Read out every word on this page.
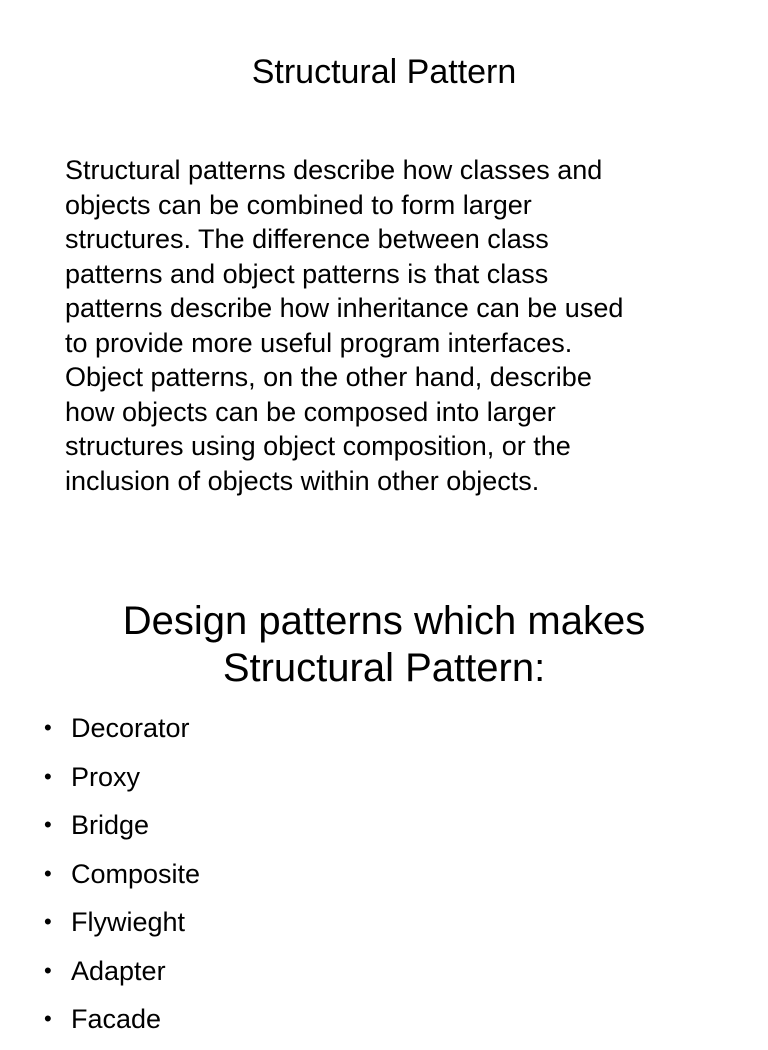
Structural Pattern

Structural patterns describe how classes and
objects can be combined to form larger
structures. The difference between class
patterns and object patterns is that class
patterns describe how inheritance can be used
to provide more useful program interfaces.
Object patterns, on the other hand, describe
how objects can be composed into larger
structures using object composition, or the
inclusion of objects within other objects.

Design patterns which makes
Structural Pattern:
• Decorator
• Proxy
• Bridge
• Composite
• Flywieght
• Adapter
• Facade
